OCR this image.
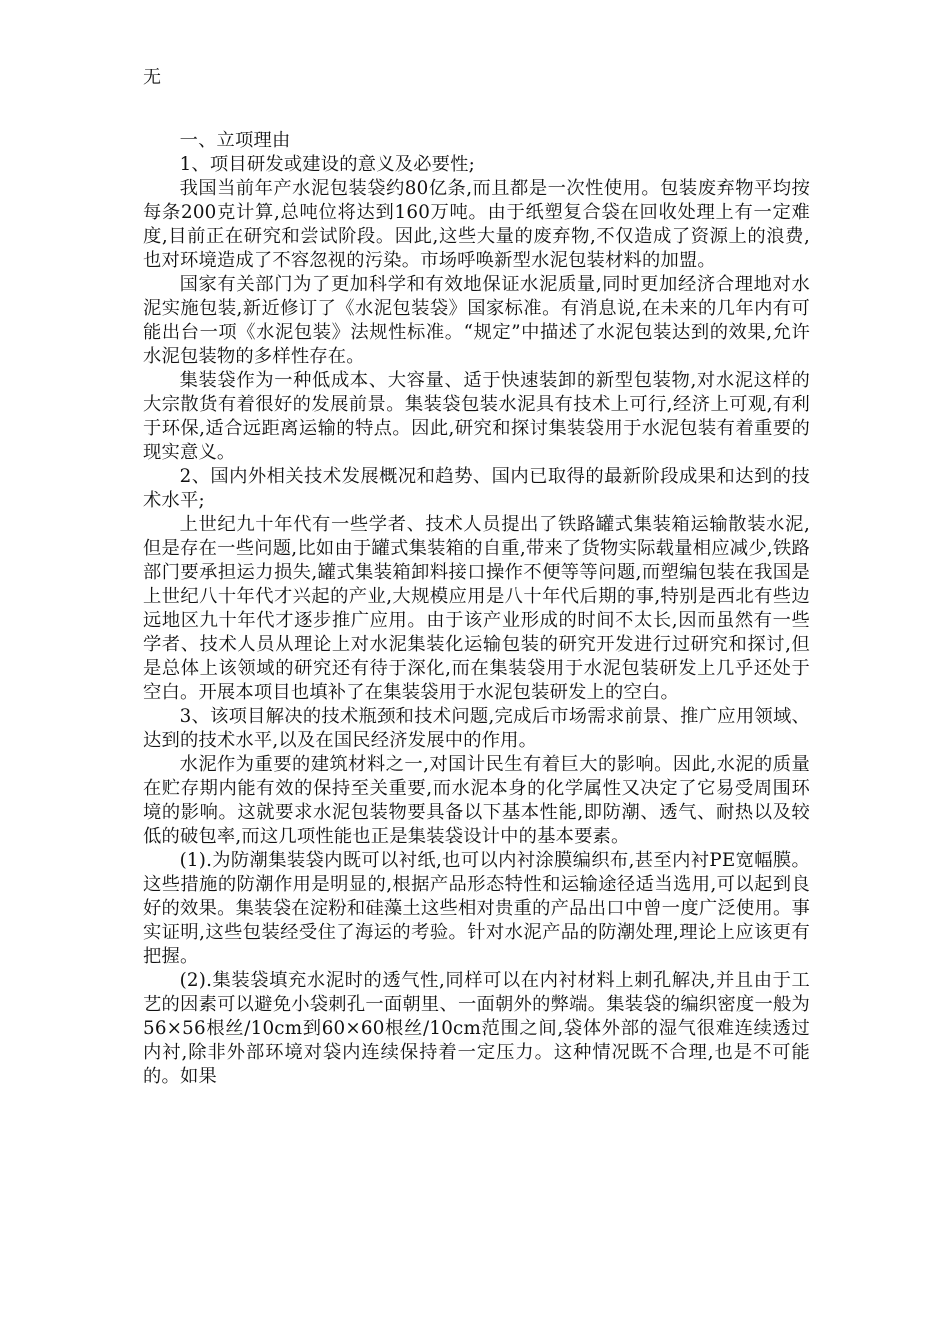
无

一、立项理由

1、项目研发或建设的意义及必要性;

我国当前年产水泥包装袋约80亿条,而且都是一次性使用。包装废弃物平均按每条200克计算,总吨位将达到160万吨。由于纸塑复合袋在回收处理上有一定难度,目前正在研究和尝试阶段。因此,这些大量的废弃物,不仅造成了资源上的浪费,也对环境造成了不容忽视的污染。市场呼唤新型水泥包装材料的加盟。

国家有关部门为了更加科学和有效地保证水泥质量,同时更加经济合理地对水泥实施包装,新近修订了《水泥包装袋》国家标准。有消息说,在未来的几年内有可能出台一项《水泥包装》法规性标准。“规定”中描述了水泥包装达到的效果,允许水泥包装物的多样性存在。

集装袋作为一种低成本、大容量、适于快速装卸的新型包装物,对水泥这样的大宗散货有着很好的发展前景。集装袋包装水泥具有技术上可行,经济上可观,有利于环保,适合远距离运输的特点。因此,研究和探讨集装袋用于水泥包装有着重要的现实意义。

2、国内外相关技术发展概况和趋势、国内已取得的最新阶段成果和达到的技术水平;

上世纪九十年代有一些学者、技术人员提出了铁路罐式集装箱运输散装水泥,但是存在一些问题,比如由于罐式集装箱的自重,带来了货物实际载量相应减少,铁路部门要承担运力损失,罐式集装箱卸料接口操作不便等等问题,而塑编包装在我国是上世纪八十年代才兴起的产业,大规模应用是八十年代后期的事,特别是西北有些边远地区九十年代才逐步推广应用。由于该产业形成的时间不太长,因而虽然有一些学者、技术人员从理论上对水泥集装化运输包装的研究开发进行过研究和探讨,但是总体上该领域的研究还有待于深化,而在集装袋用于水泥包装研发上几乎还处于空白。开展本项目也填补了在集装袋用于水泥包装研发上的空白。

3、该项目解决的技术瓶颈和技术问题,完成后市场需求前景、推广应用领域、达到的技术水平,以及在国民经济发展中的作用。

水泥作为重要的建筑材料之一,对国计民生有着巨大的影响。因此,水泥的质量在贮存期内能有效的保持至关重要,而水泥本身的化学属性又决定了它易受周围环境的影响。这就要求水泥包装物要具备以下基本性能,即防潮、透气、耐热以及较低的破包率,而这几项性能也正是集装袋设计中的基本要素。

(1).为防潮集装袋内既可以衬纸,也可以内衬涂膜编织布,甚至内衬PE宽幅膜。这些措施的防潮作用是明显的,根据产品形态特性和运输途径适当选用,可以起到良好的效果。集装袋在淀粉和硅藻土这些相对贵重的产品出口中曾一度广泛使用。事实证明,这些包装经受住了海运的考验。针对水泥产品的防潮处理,理论上应该更有把握。

(2).集装袋填充水泥时的透气性,同样可以在内衬材料上刺孔解决,并且由于工艺的因素可以避免小袋刺孔一面朝里、一面朝外的弊端。集装袋的编织密度一般为56×56根丝/10cm到60×60根丝/10cm范围之间,袋体外部的湿气很难连续透过内衬,除非外部环境对袋内连续保持着一定压力。这种情况既不合理,也是不可能的。如果
